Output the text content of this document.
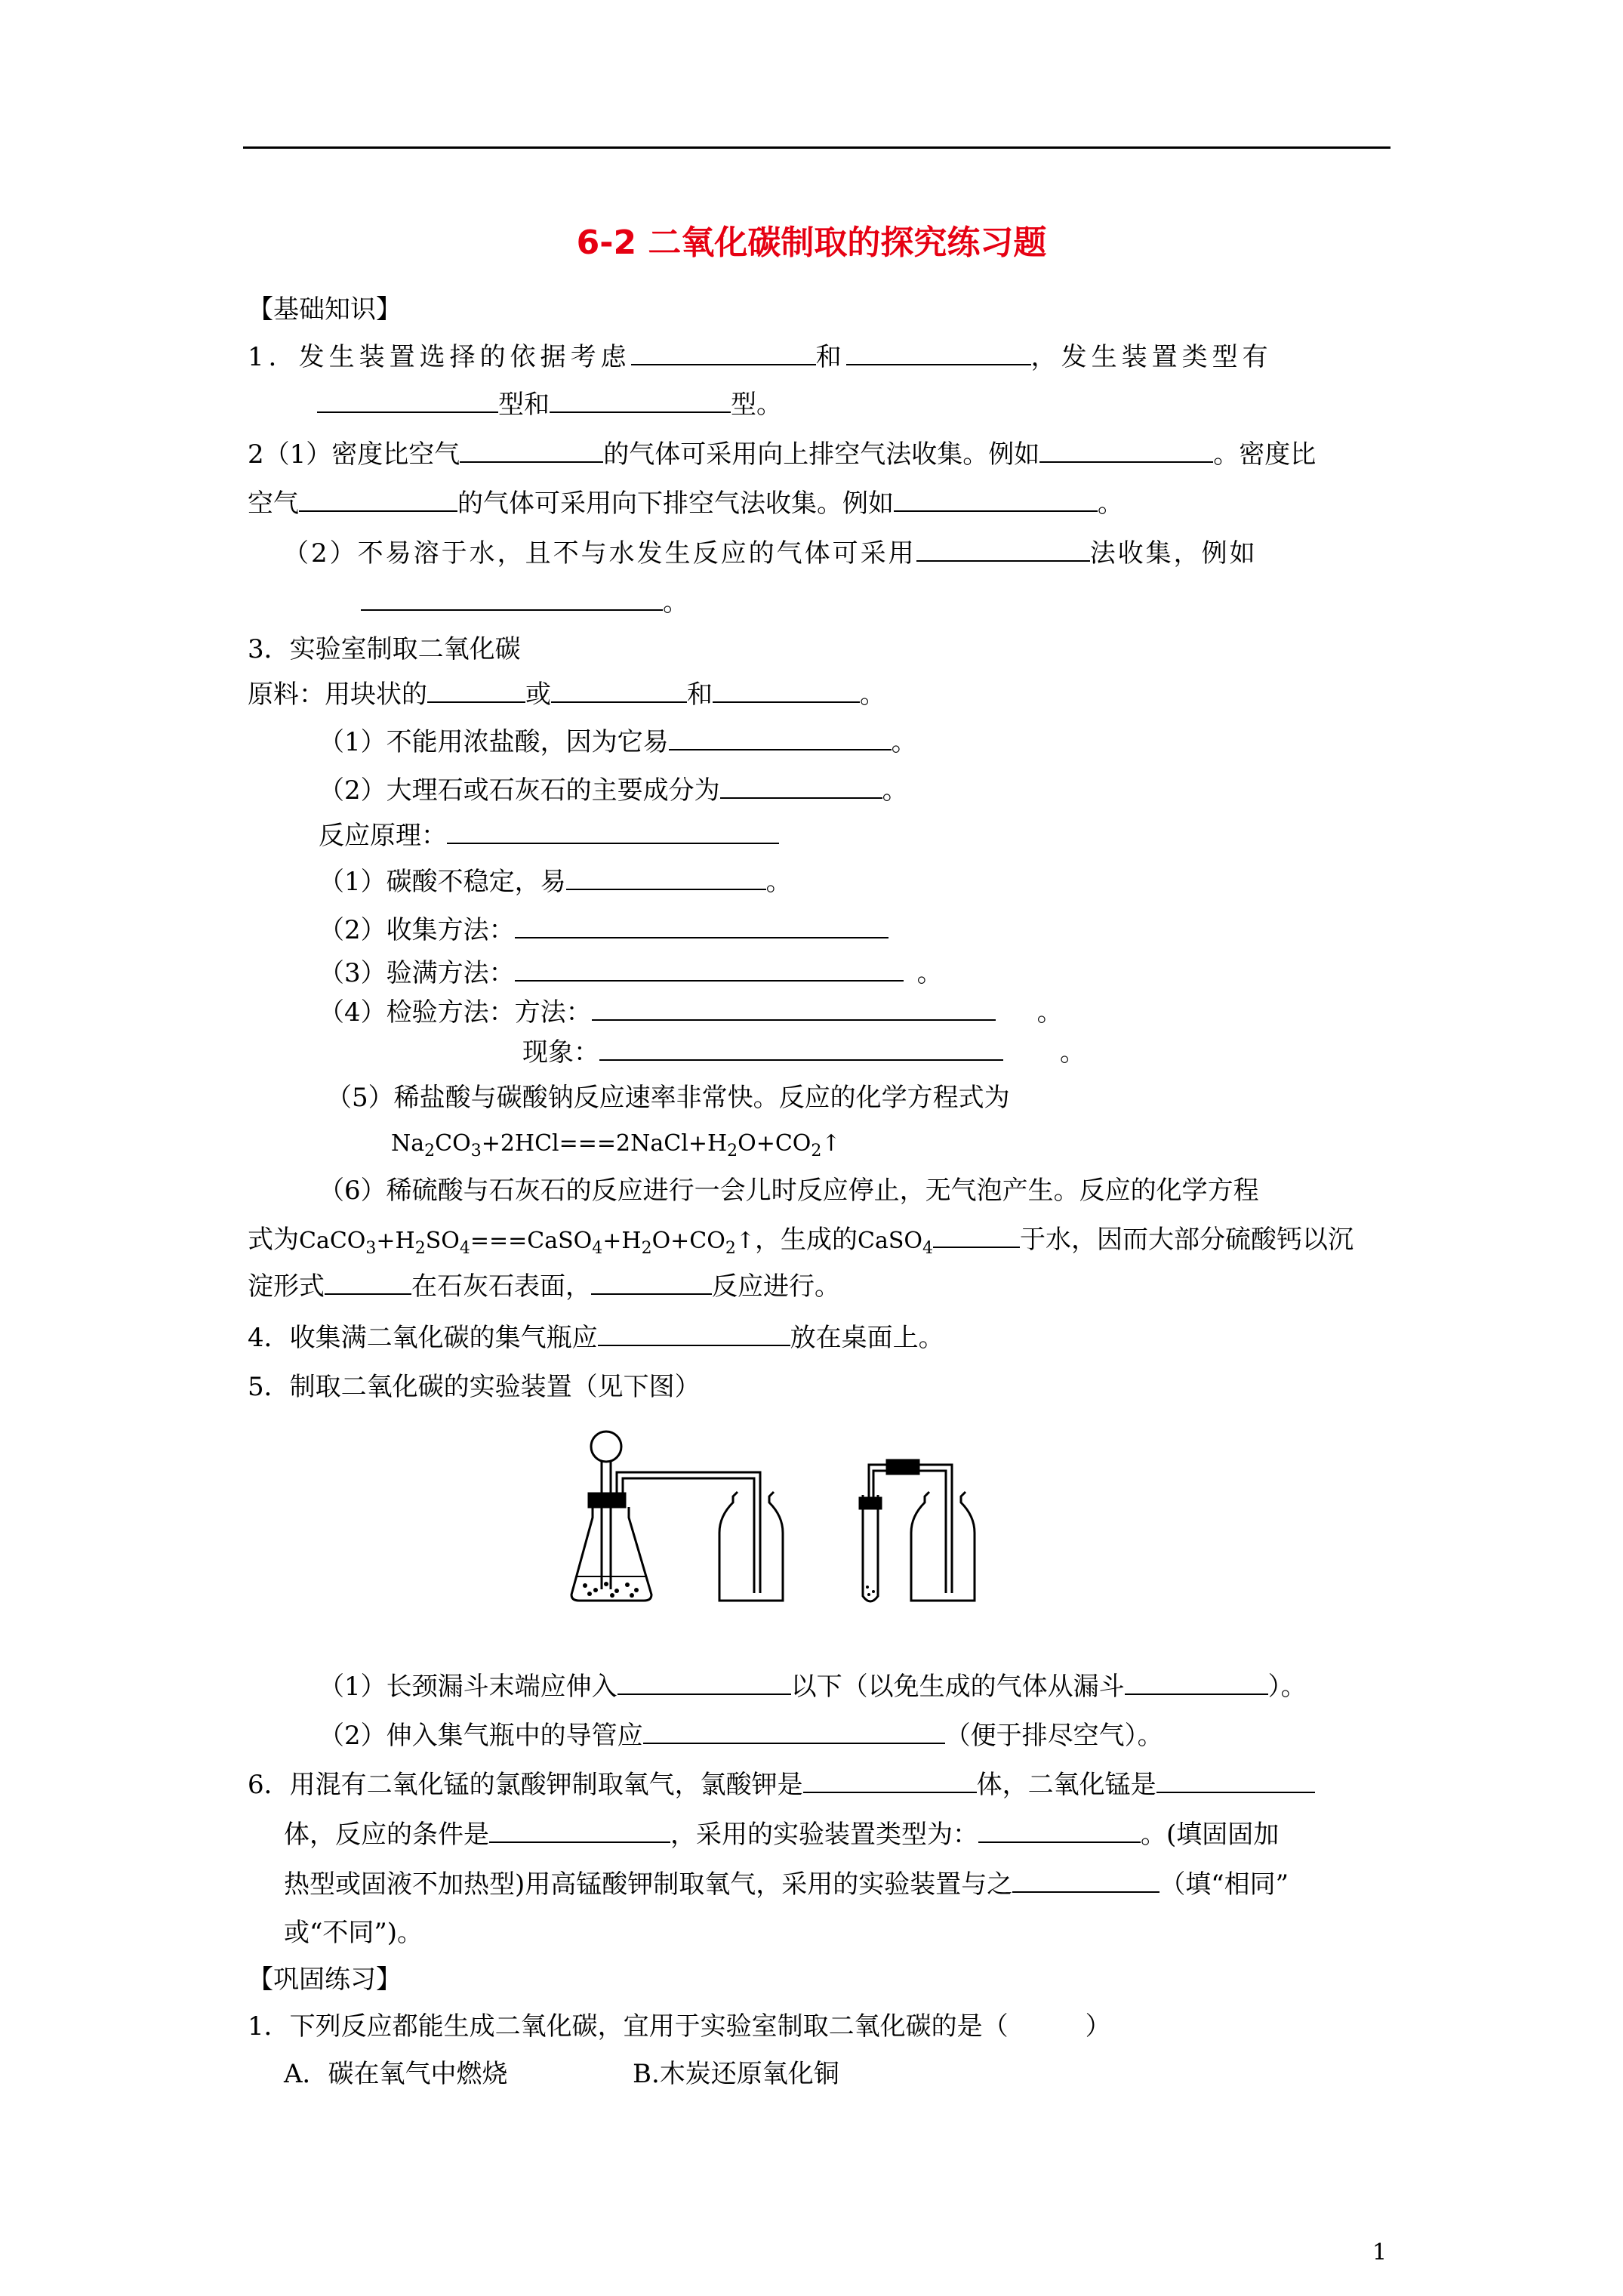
6-2 二氧化碳制取的探究练习题
【基础知识】
1．发生装置选择的依据考虑	和	，发生装置类型有
型和	型。
2（1）密度比空气	的气体可采用向上排空气法收集。例如	。密度比
空气	的气体可采用向下排空气法收集。例如	。
（2）不易溶于水，且不与水发生反应的气体可采用	法收集，例如
。
3．实验室制取二氧化碳
原料：用块状的	或	和	。
（1）不能用浓盐酸，因为它易	。
（2）大理石或石灰石的主要成分为	。
反应原理：
（1）碳酸不稳定，易	。
（2）收集方法：
（3）验满方法：	。
（4）检验方法：方法：	。
现象：	。
（5）稀盐酸与碳酸钠反应速率非常快。反应的化学方程式为
$Na_2CO_3+2HCl===2NaCl+H_2O+CO_2↑$
（6）稀硫酸与石灰石的反应进行一会儿时反应停止，无气泡产生。反应的化学方程
式为$CaCO_3+H_2SO_4===CaSO_4+H_2O+CO_2↑$，生成的CaSO$_4$	于水，因而大部分硫酸钙以沉
淀形式	在石灰石表面，	反应进行。
4．收集满二氧化碳的集气瓶应	放在桌面上。
5．制取二氧化碳的实验装置（见下图）
（1）长颈漏斗末端应伸入	以下（以免生成的气体从漏斗	）。
（2）伸入集气瓶中的导管应	（便于排尽空气）。
6．用混有二氧化锰的氯酸钾制取氧气，氯酸钾是	体，二氧化锰是
体，反应的条件是	，采用的实验装置类型为：	。(填固固加
热型或固液不加热型)用高锰酸钾制取氧气，采用的实验装置与之	（填“相同”
或“不同”)。
【巩固练习】
1．下列反应都能生成二氧化碳，宜用于实验室制取二氧化碳的是（　　　）
A．碳在氧气中燃烧	B.木炭还原氧化铜
1
